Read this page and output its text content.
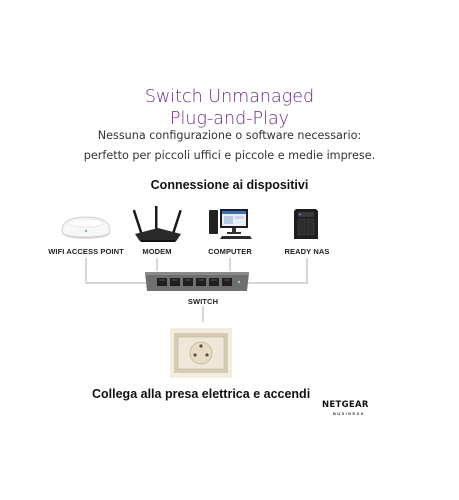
Switch Unmanaged
Plug-and-Play
Nessuna configurazione o software necessario:
perfetto per piccoli uffici e piccole e medie imprese.
Connessione ai dispositivi
WIFI ACCESS POINT	MODEM	COMPUTER	READY NAS
SWITCH
Collega alla presa elettrica e accendi
NETGEAR
BUSINESS
